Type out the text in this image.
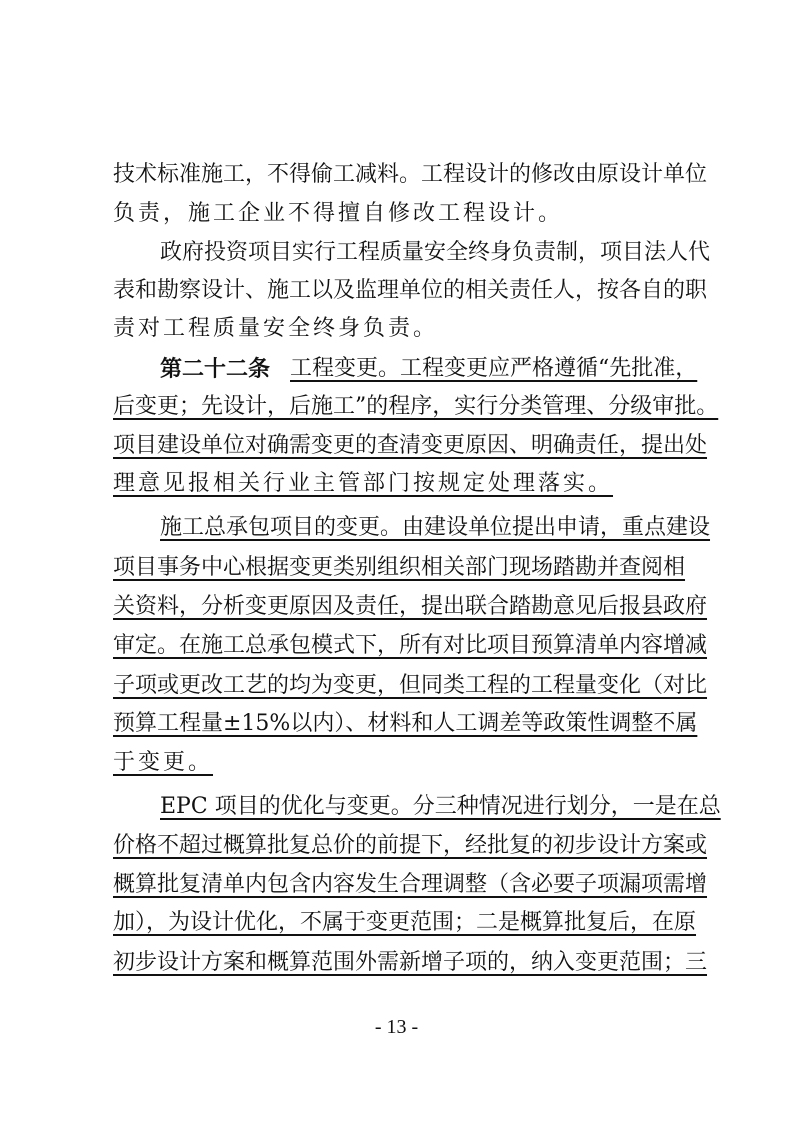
技术标准施工，不得偷工减料。工程设计的修改由原设计单位
负责，施工企业不得擅自修改工程设计。
政府投资项目实行工程质量安全终身负责制，项目法人代
表和勘察设计、施工以及监理单位的相关责任人，按各自的职
责对工程质量安全终身负责。
第二十二条 工程变更。工程变更应严格遵循“先批准，
后变更；先设计，后施工”的程序，实行分类管理、分级审批。
项目建设单位对确需变更的查清变更原因、明确责任，提出处
理意见报相关行业主管部门按规定处理落实。
施工总承包项目的变更。由建设单位提出申请，重点建设
项目事务中心根据变更类别组织相关部门现场踏勘并查阅相
关资料，分析变更原因及责任，提出联合踏勘意见后报县政府
审定。在施工总承包模式下，所有对比项目预算清单内容增减
子项或更改工艺的均为变更，但同类工程的工程量变化（对比
预算工程量±15%以内）、材料和人工调差等政策性调整不属
于变更。
EPC 项目的优化与变更。分三种情况进行划分，一是在总
价格不超过概算批复总价的前提下，经批复的初步设计方案或
概算批复清单内包含内容发生合理调整（含必要子项漏项需增
加），为设计优化，不属于变更范围；二是概算批复后，在原
初步设计方案和概算范围外需新增子项的，纳入变更范围；三
- 13 -
